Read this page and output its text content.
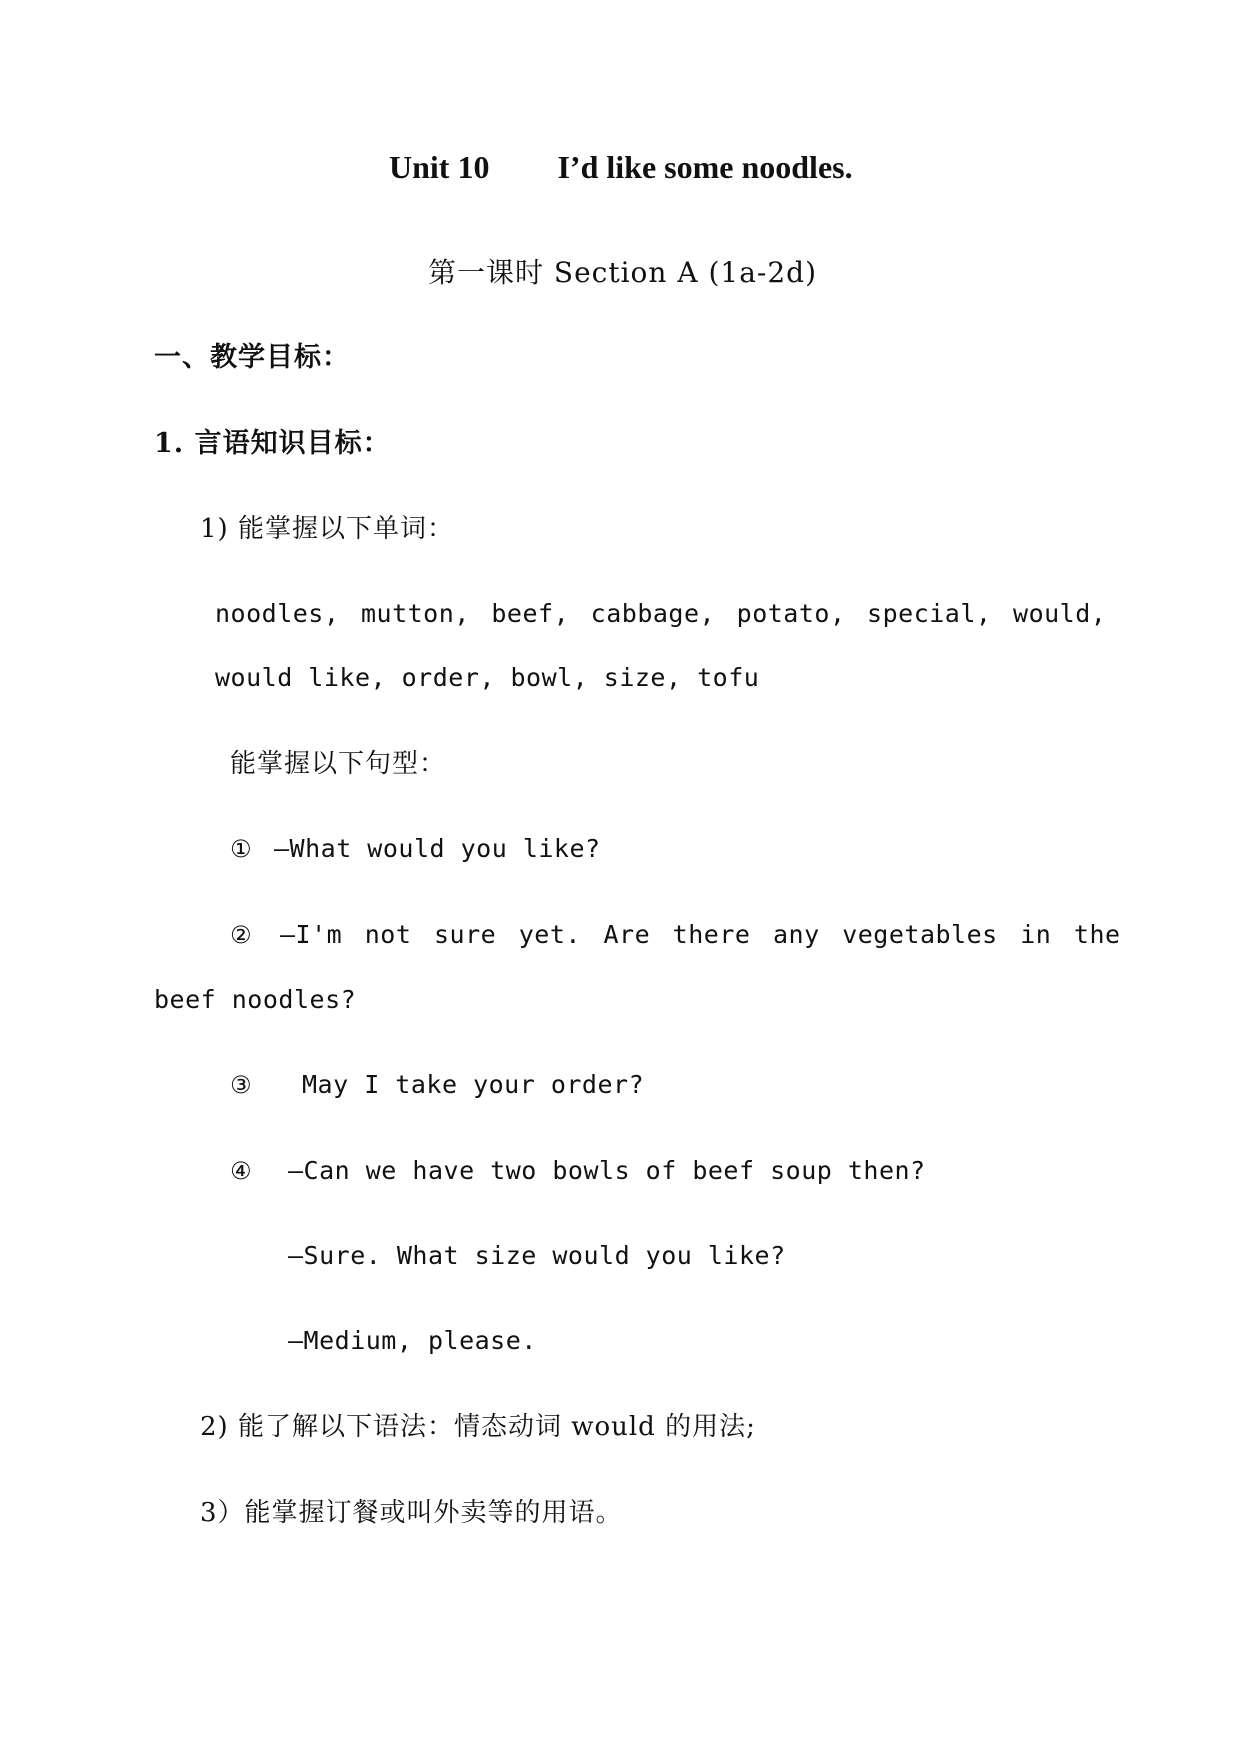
Unit 10 I’d like some noodles.
第一课时 Section A (1a-2d)
一、教学目标：
1. 言语知识目标：
1) 能掌握以下单词：
noodles, mutton, beef, cabbage, potato, special, would,
would like, order, bowl, size, tofu
能掌握以下句型：
① —What would you like?
② —I'm not sure yet. Are there any vegetables in the
beef noodles?
③ May I take your order?
④ —Can we have two bowls of beef soup then?
—Sure. What size would you like?
—Medium, please.
2) 能了解以下语法：情态动词 would 的用法;
3）能掌握订餐或叫外卖等的用语。
